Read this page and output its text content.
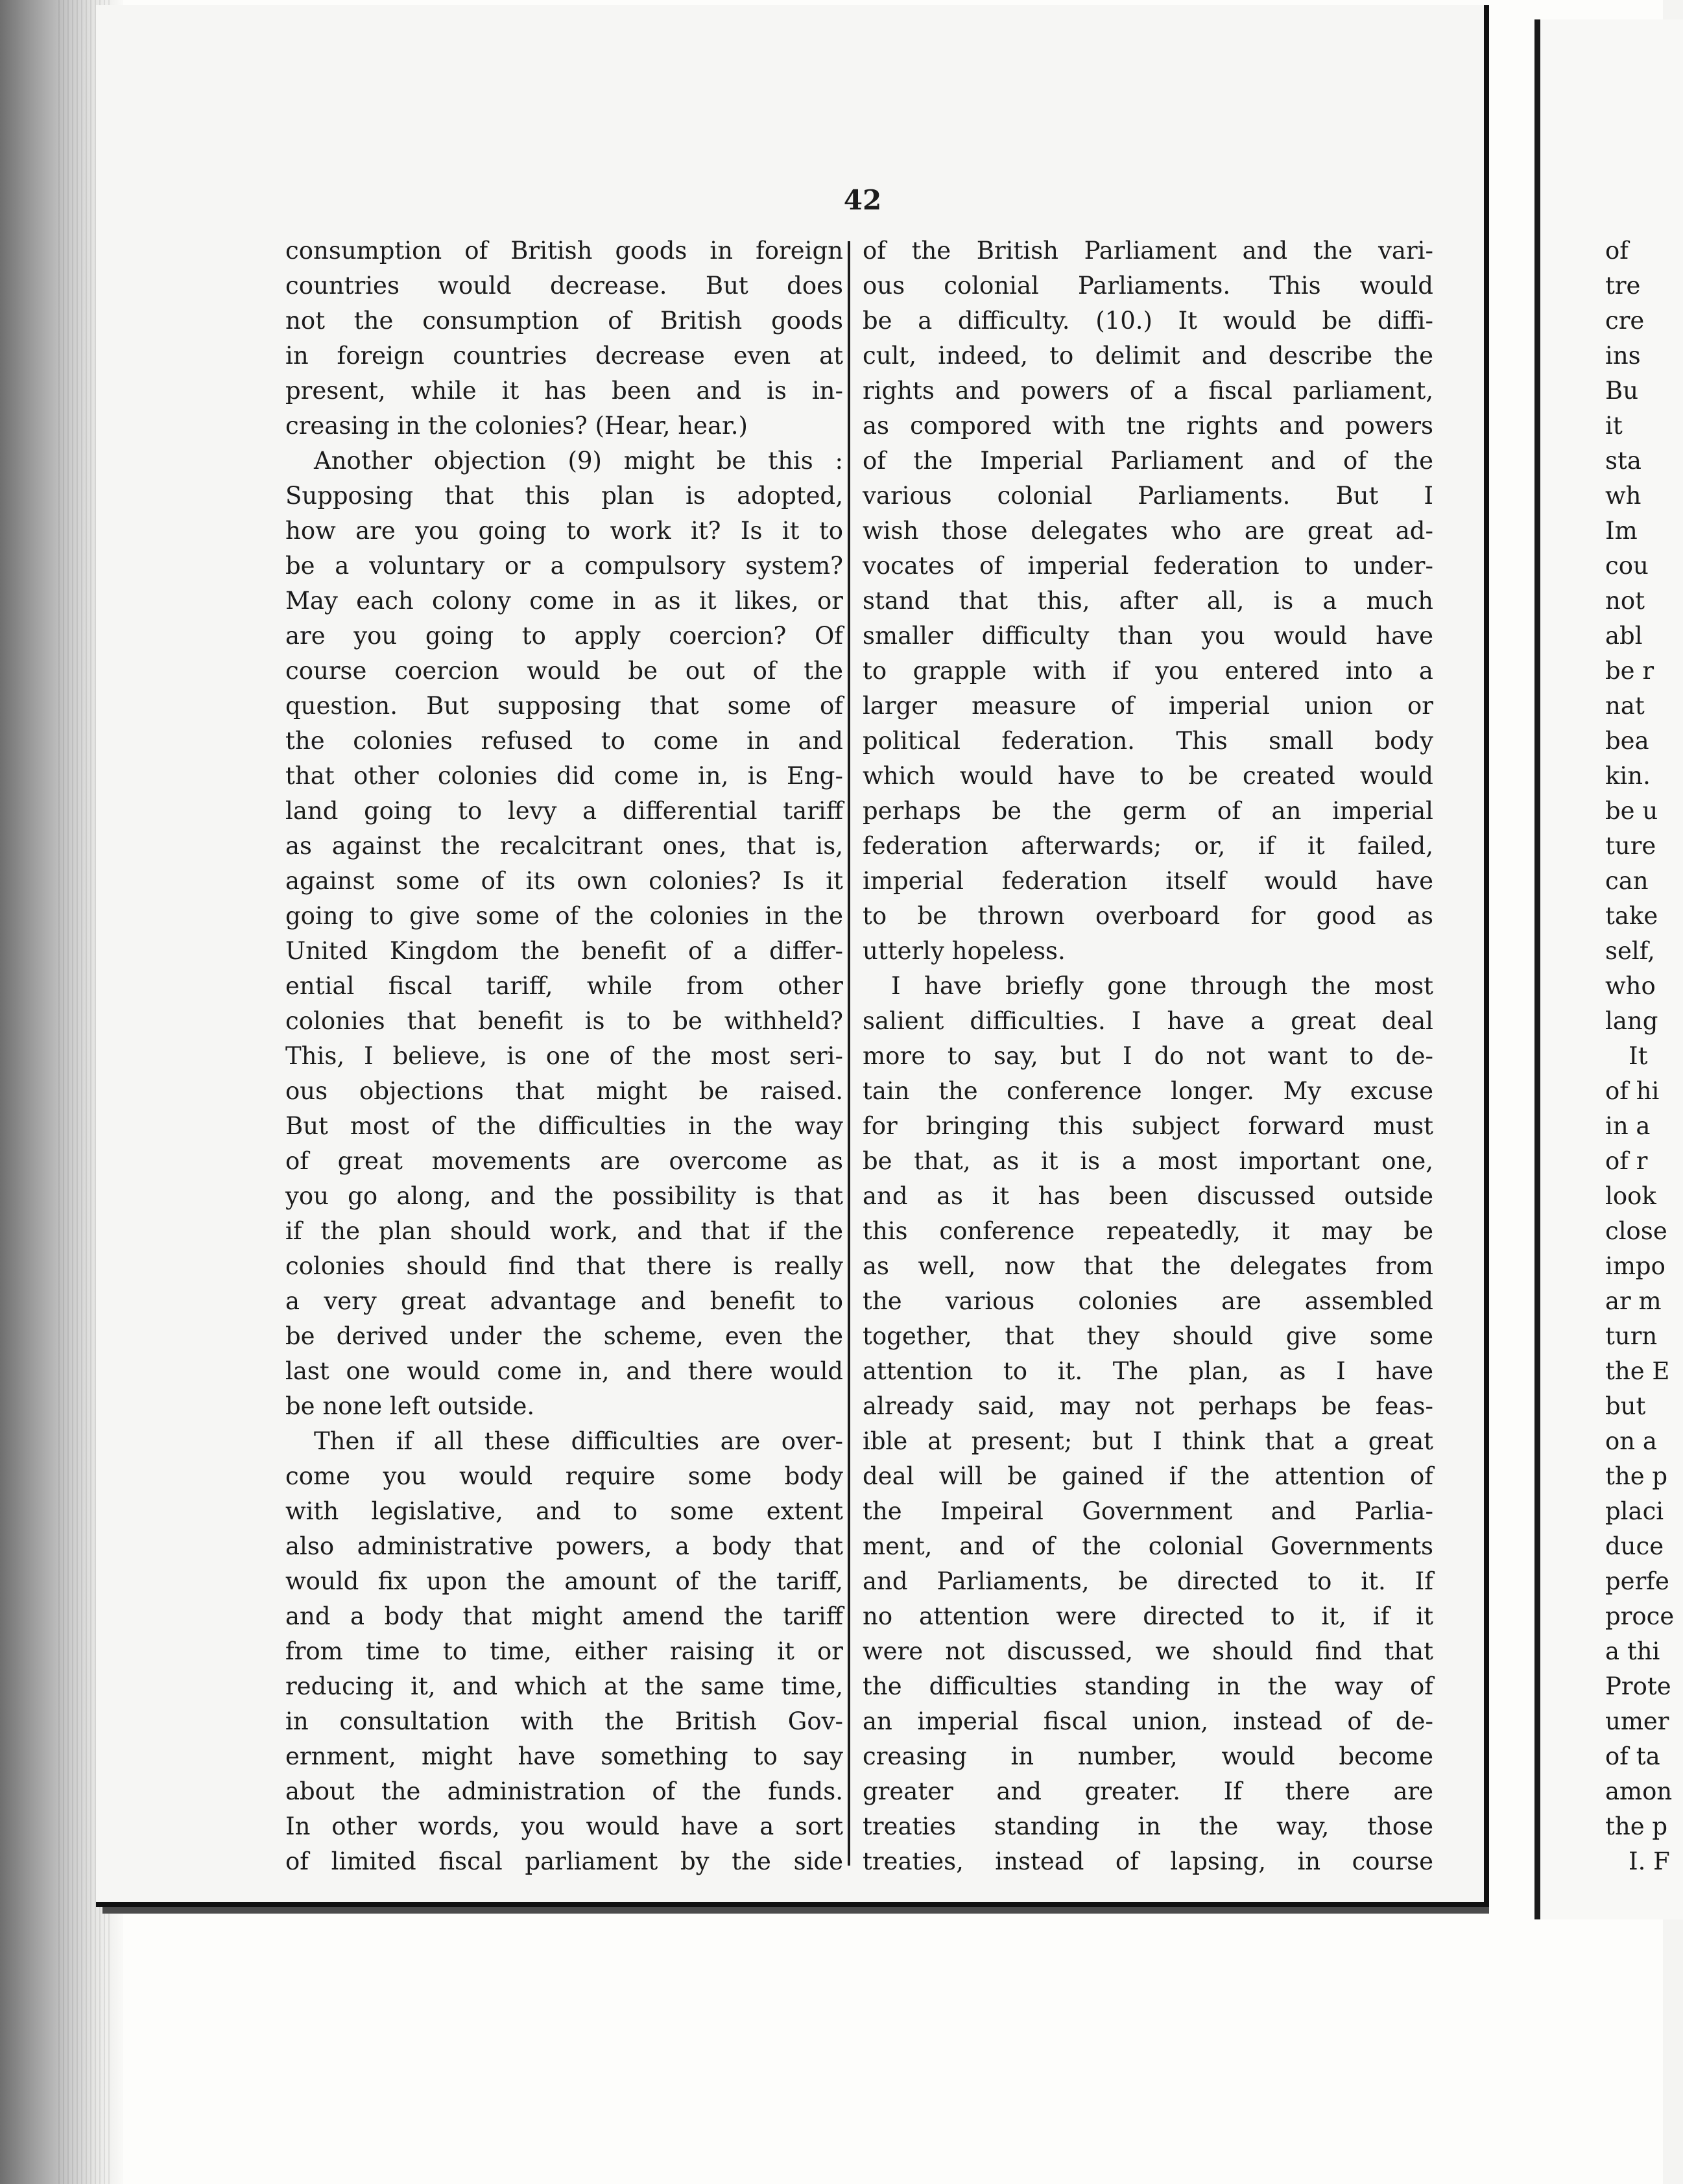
42
consumption of British goods in foreign
countries would decrease. But does
not the consumption of British goods
in foreign countries decrease even at
present, while it has been and is in-
creasing in the colonies? (Hear, hear.)
Another objection (9) might be this :
Supposing that this plan is adopted,
how are you going to work it? Is it to
be a voluntary or a compulsory system?
May each colony come in as it likes, or
are you going to apply coercion? Of
course coercion would be out of the
question. But supposing that some of
the colonies refused to come in and
that other colonies did come in, is Eng-
land going to levy a differential tariff
as against the recalcitrant ones, that is,
against some of its own colonies? Is it
going to give some of the colonies in the
United Kingdom the benefit of a differ-
ential fiscal tariff, while from other
colonies that benefit is to be withheld?
This, I believe, is one of the most seri-
ous objections that might be raised.
But most of the difficulties in the way
of great movements are overcome as
you go along, and the possibility is that
if the plan should work, and that if the
colonies should find that there is really
a very great advantage and benefit to
be derived under the scheme, even the
last one would come in, and there would
be none left outside.
Then if all these difficulties are over-
come you would require some body
with legislative, and to some extent
also administrative powers, a body that
would fix upon the amount of the tariff,
and a body that might amend the tariff
from time to time, either raising it or
reducing it, and which at the same time,
in consultation with the British Gov-
ernment, might have something to say
about the administration of the funds.
In other words, you would have a sort
of limited fiscal parliament by the side
of the British Parliament and the vari-
ous colonial Parliaments. This would
be a difficulty. (10.) It would be diffi-
cult, indeed, to delimit and describe the
rights and powers of a fiscal parliament,
as compored with tne rights and powers
of the Imperial Parliament and of the
various colonial Parliaments. But I
wish those delegates who are great ad-
vocates of imperial federation to under-
stand that this, after all, is a much
smaller difficulty than you would have
to grapple with if you entered into a
larger measure of imperial union or
political federation. This small body
which would have to be created would
perhaps be the germ of an imperial
federation afterwards; or, if it failed,
imperial federation itself would have
to be thrown overboard for good as
utterly hopeless.
I have briefly gone through the most
salient difficulties. I have a great deal
more to say, but I do not want to de-
tain the conference longer. My excuse
for bringing this subject forward must
be that, as it is a most important one,
and as it has been discussed outside
this conference repeatedly, it may be
as well, now that the delegates from
the various colonies are assembled
together, that they should give some
attention to it. The plan, as I have
already said, may not perhaps be feas-
ible at present; but I think that a great
deal will be gained if the attention of
the Impeiral Government and Parlia-
ment, and of the colonial Governments
and Parliaments, be directed to it. If
no attention were directed to it, if it
were not discussed, we should find that
the difficulties standing in the way of
an imperial fiscal union, instead of de-
creasing in number, would become
greater and greater. If there are
treaties standing in the way, those
treaties, instead of lapsing, in course
of
tre
cre
ins
Bu
it
sta
wh
Im
cou
not
abl
be r
nat
bea
kin.
be u
ture
can
take
self,
who
lang
It
of hi
in a
of r
look
close
impo
ar m
turn
the E
but
on a
the p
placi
duce
perfe
proce
a thi
Prote
umer
of ta
amon
the p
I. F
